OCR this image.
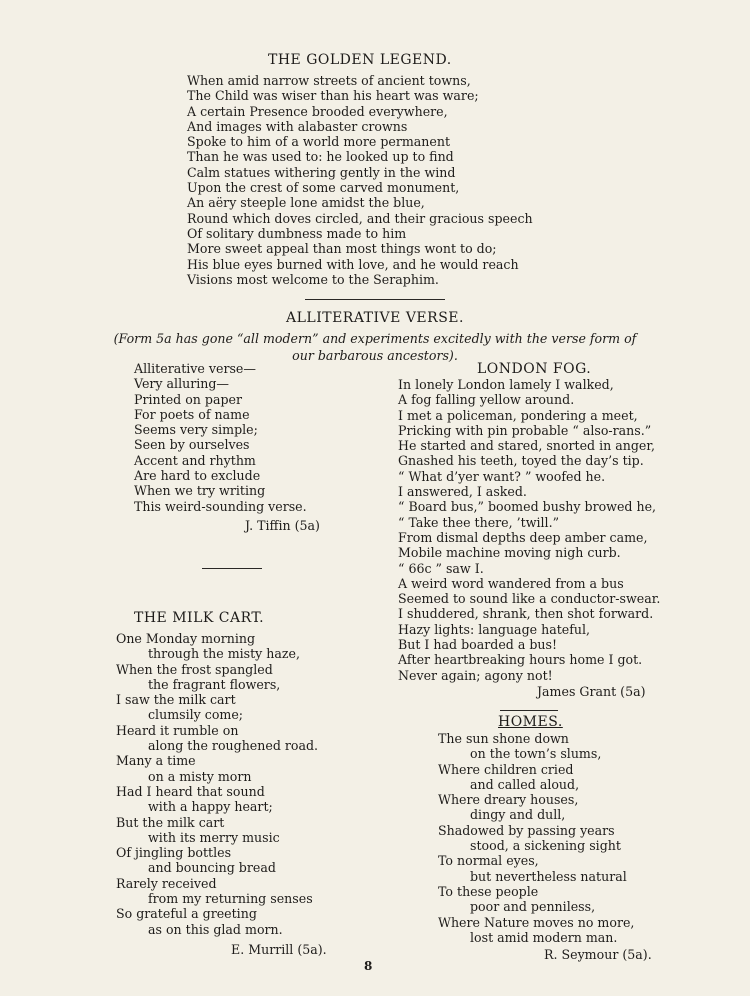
THE GOLDEN LEGEND.
When amid narrow streets of ancient towns,
The Child was wiser than his heart was ware;
A certain Presence brooded everywhere,
And images with alabaster crowns
Spoke to him of a world more permanent
Than he was used to: he looked up to find
Calm statues withering gently in the wind
Upon the crest of some carved monument,
An aëry steeple lone amidst the blue,
Round which doves circled, and their gracious speech
Of solitary dumbness made to him
More sweet appeal than most things wont to do;
His blue eyes burned with love, and he would reach
Visions most welcome to the Seraphim.
ALLITERATIVE VERSE.
(Form 5a has gone “all modern” and experiments excitedly with the verse form of
our barbarous ancestors).
Alliterative verse—
Very alluring—
Printed on paper
For poets of name
Seems very simple;
Seen by ourselves
Accent and rhythm
Are hard to exclude
When we try writing
This weird-sounding verse.
J. Tiffin (5a)
THE MILK CART.
One Monday morning
through the misty haze,
When the frost spangled
the fragrant flowers,
I saw the milk cart
clumsily come;
Heard it rumble on
along the roughened road.
Many a time
on a misty morn
Had I heard that sound
with a happy heart;
But the milk cart
with its merry music
Of jingling bottles
and bouncing bread
Rarely received
from my returning senses
So grateful a greeting
as on this glad morn.
E. Murrill (5a).
LONDON FOG.
In lonely London lamely I walked,
A fog falling yellow around.
I met a policeman, pondering a meet,
Pricking with pin probable “ also-rans.”
He started and stared, snorted in anger,
Gnashed his teeth, toyed the day’s tip.
“ What d’yer want? ” woofed he.
I answered, I asked.
“ Board bus,” boomed bushy browed he,
“ Take thee there, ’twill.”
From dismal depths deep amber came,
Mobile machine moving nigh curb.
“ 66c ” saw I.
A weird word wandered from a bus
Seemed to sound like a conductor-swear.
I shuddered, shrank, then shot forward.
Hazy lights: language hateful,
But I had boarded a bus!
After heartbreaking hours home I got.
Never again; agony not!
James Grant (5a)
HOMES.
The sun shone down
on the town’s slums,
Where children cried
and called aloud,
Where dreary houses,
dingy and dull,
Shadowed by passing years
stood, a sickening sight
To normal eyes,
but nevertheless natural
To these people
poor and penniless,
Where Nature moves no more,
lost amid modern man.
R. Seymour (5a).
8
